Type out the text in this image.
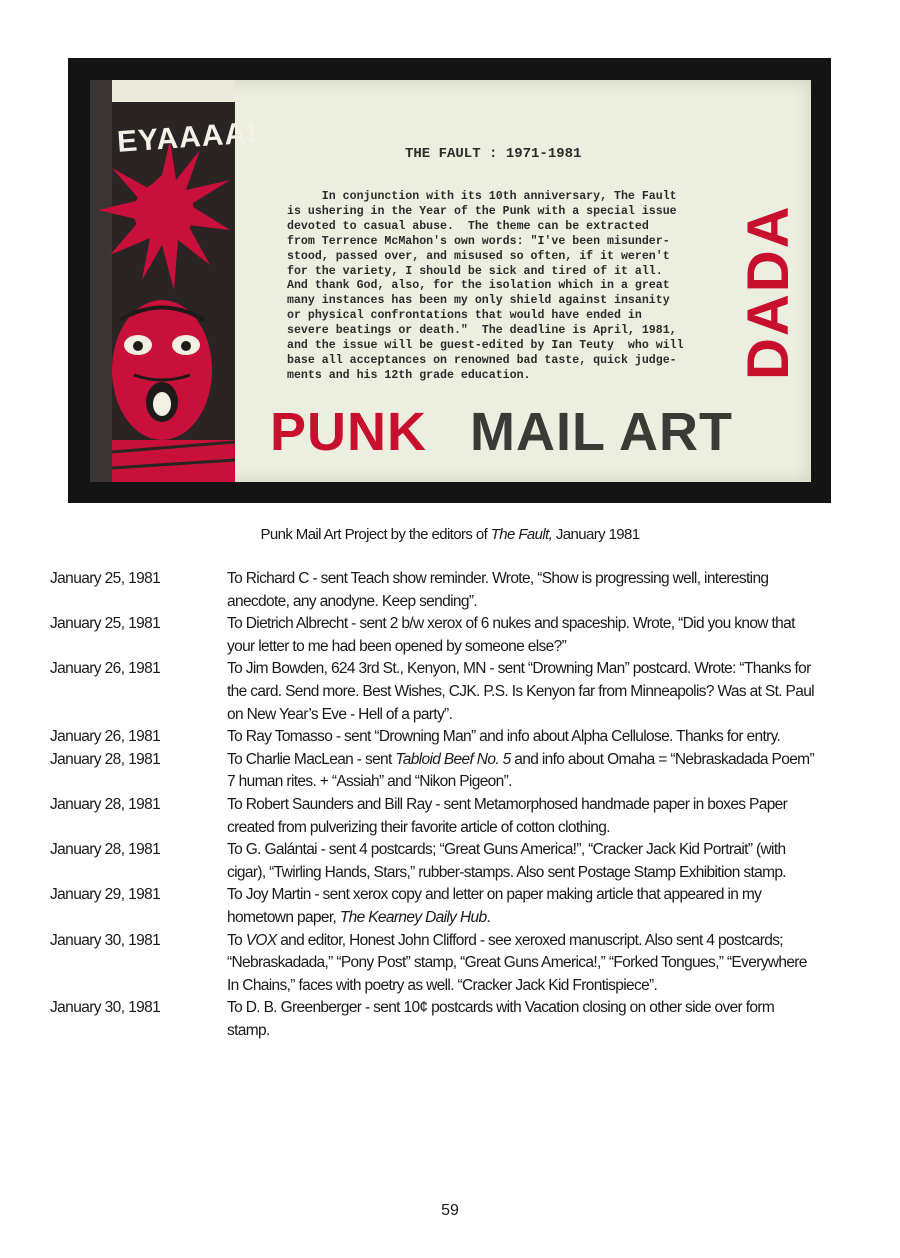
EYAAAA!	THE FAULT : 1971-1981
In conjunction with its 10th anniversary, The Fault
is ushering in the Year of the Punk with a special issue
devoted to casual abuse.  The theme can be extracted
from Terrence McMahon's own words: "I've been misunder-
stood, passed over, and misused so often, if it weren't
for the variety, I should be sick and tired of it all.
And thank God, also, for the isolation which in a great
many instances has been my only shield against insanity
or physical confrontations that would have ended in
severe beatings or death."  The deadline is April, 1981,
and the issue will be guest-edited by Ian Teuty  who will
base all acceptances on renowned bad taste, quick judge-
ments and his 12th grade education.	DADA
PUNK MAIL ART
Punk Mail Art Project by the editors of The Fault, January 1981
January 25, 1981	To Richard C - sent Teach show reminder. Wrote, “Show is progressing well, interesting anecdote, any anodyne. Keep sending”.
January 25, 1981	To Dietrich Albrecht - sent 2 b/w xerox of 6 nukes and spaceship. Wrote, “Did you know that your letter to me had been opened by someone else?”
January 26, 1981	To Jim Bowden, 624 3rd St., Kenyon, MN - sent “Drowning Man” postcard. Wrote: “Thanks for the card. Send more. Best Wishes, CJK. P.S. Is Kenyon far from Minneapolis? Was at St. Paul on New Year’s Eve - Hell of a party”.
January 26, 1981	To Ray Tomasso - sent “Drowning Man” and info about Alpha Cellulose. Thanks for entry.
January 28, 1981	To Charlie MacLean - sent Tabloid Beef No. 5 and info about Omaha = “Nebraskadada Poem” 7 human rites. + “Assiah” and “Nikon Pigeon”.
January 28, 1981	To Robert Saunders and Bill Ray - sent Metamorphosed handmade paper in boxes Paper created from pulverizing their favorite article of cotton clothing.
January 28, 1981	To G. Galántai - sent 4 postcards; “Great Guns America!”, “Cracker Jack Kid Portrait” (with cigar), “Twirling Hands, Stars,” rubber-stamps. Also sent Postage Stamp Exhibition stamp.
January 29, 1981	To Joy Martin - sent xerox copy and letter on paper making article that appeared in my hometown paper, The Kearney Daily Hub.
January 30, 1981	To VOX and editor, Honest John Clifford - see xeroxed manuscript. Also sent 4 postcards; “Nebraskadada,” “Pony Post” stamp, “Great Guns America!,” “Forked Tongues,” “Everywhere In Chains,” faces with poetry as well. “Cracker Jack Kid Frontispiece”.
January 30, 1981	To D. B. Greenberger - sent 10¢ postcards with Vacation closing on other side over form stamp.
59
